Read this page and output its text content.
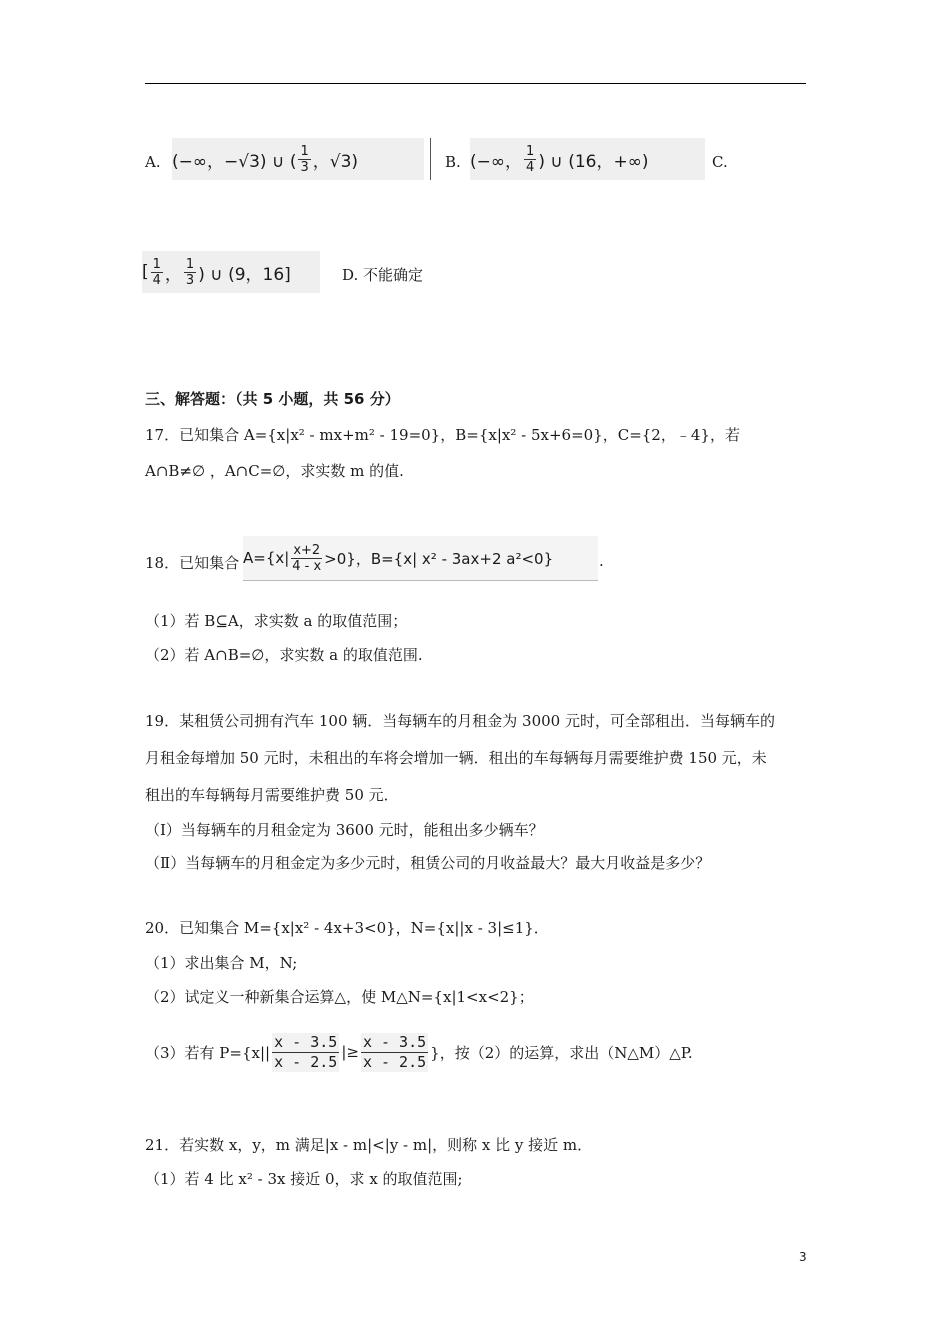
A. (−∞，−√3) ∪ ( $\frac{1}{3}$ ，√3)	B. (−∞， $\frac{1}{4}$ ) ∪ (16，+∞)	C.
[ $\frac{1}{4}$ ， $\frac{1}{3}$ ) ∪ (9，16]	D. 不能确定
三、解答题：（共 5 小题，共 56 分）
17．已知集合 A={x|x² - mx+m² - 19=0}，B={x|x² - 5x+6=0}，C={2，﹣4}，若
A∩B≠∅ ，A∩C=∅，求实数 m 的值.
18．已知集合 $A=\{x| \frac{x+2}{4 - x} >0\}$，B={x| x² - 3ax+2 a²<0}	.
（1）若 B⊆A，求实数 a 的取值范围；
（2）若 A∩B=∅，求实数 a 的取值范围.
19．某租赁公司拥有汽车 100 辆．当每辆车的月租金为 3000 元时，可全部租出．当每辆车的
月租金每增加 50 元时，未租出的车将会增加一辆．租出的车每辆每月需要维护费 150 元，未
租出的车每辆每月需要维护费 50 元．
（Ⅰ）当每辆车的月租金定为 3600 元时，能租出多少辆车？
（Ⅱ）当每辆车的月租金定为多少元时，租赁公司的月收益最大？最大月收益是多少？
20．已知集合 M={x|x² - 4x+3<0}，N={x||x - 3|≤1}．
（1）求出集合 M，N;
（2）试定义一种新集合运算△，使 M△N={x|1<x<2}；
（3）若有 $P=\{x|| \frac{x - 3.5}{x - 2.5}$ |≥ $\frac{x - 3.5}{x - 2.5}$ }，按（2）的运算，求出（N△M）△P.
21．若实数 x，y，m 满足|x - m|<|y - m|，则称 x 比 y 接近 m．
（1）若 4 比 x² - 3x 接近 0，求 x 的取值范围;
3
